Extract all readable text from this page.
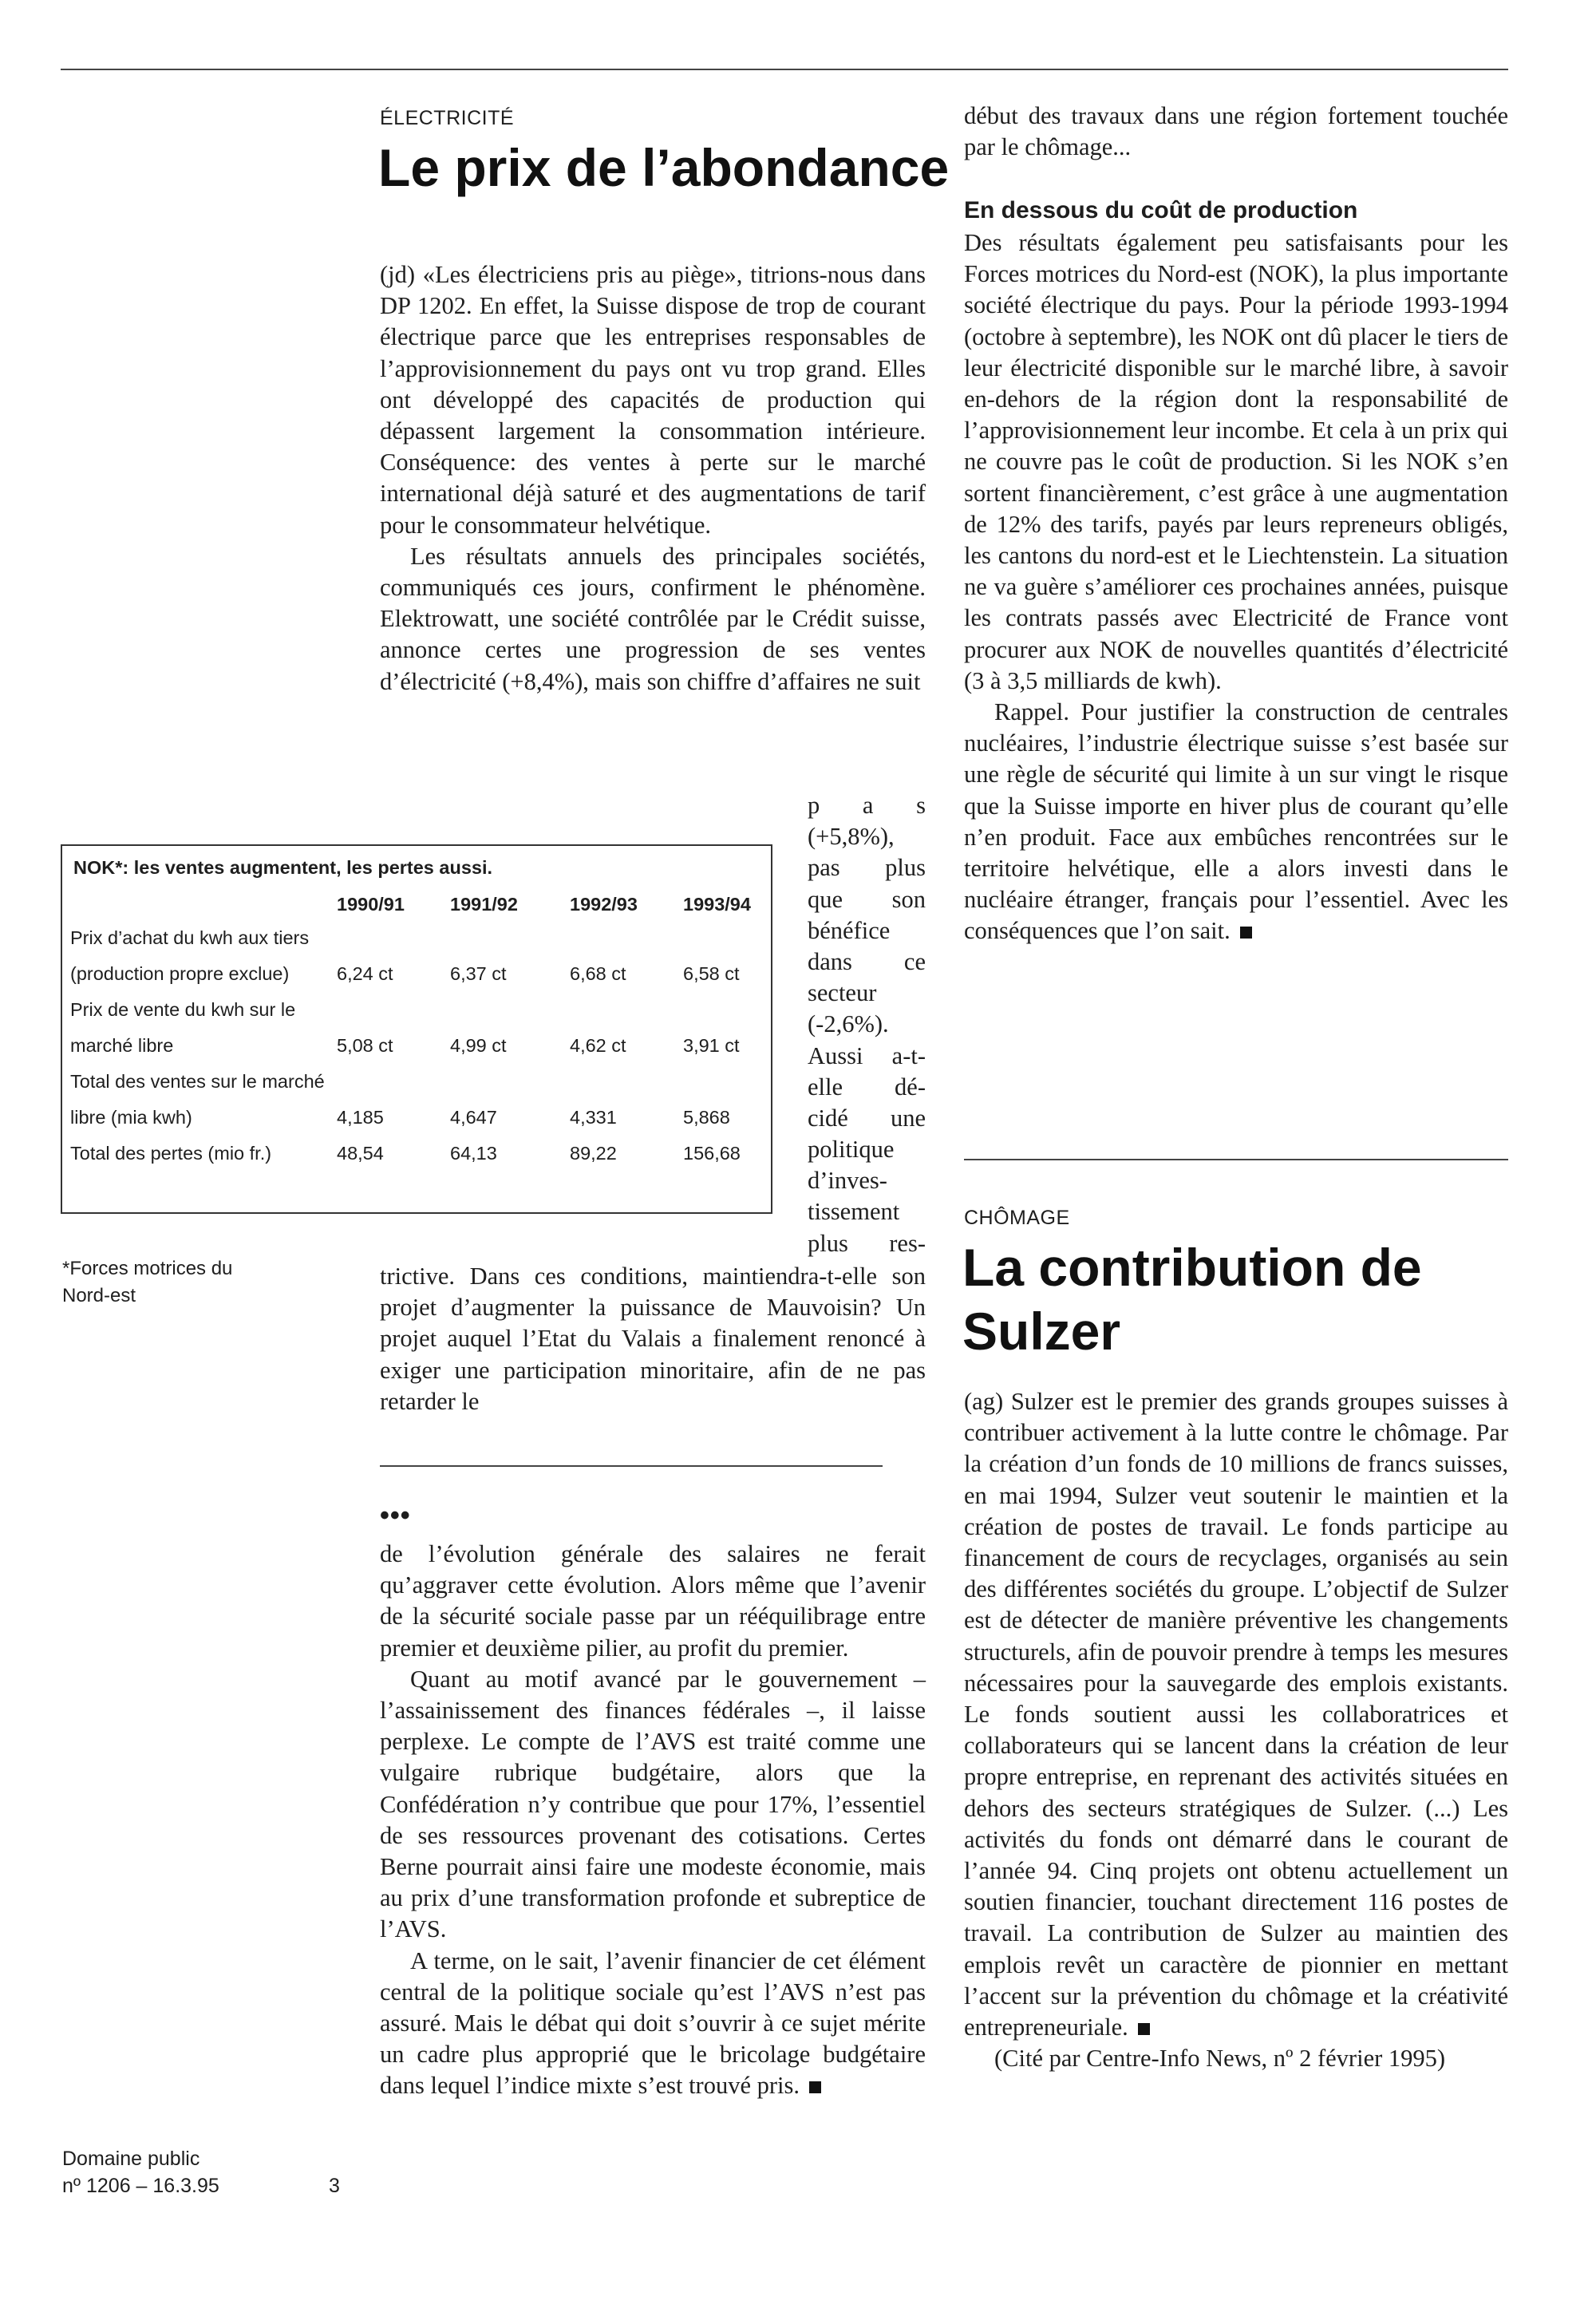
ÉLECTRICITÉ
Le prix de l’abondance

(jd) «Les électriciens pris au piège», titrions-nous dans DP 1202. En effet, la Suisse dispose de trop de courant électrique parce que les entreprises responsables de l’approvisionnement du pays ont vu trop grand. Elles ont développé des capacités de production qui dépassent largement la consommation intérieure. Conséquence: des ventes à perte sur le marché international déjà saturé et des augmentations de tarif pour le consommateur helvétique.

Les résultats annuels des principales sociétés, communiqués ces jours, confirment le phénomène. Elektrowatt, une société contrôlée par le Crédit suisse, annonce certes une progression de ses ventes d’électricité (+8,4%), mais son chiffre d’affaires ne suit

p a s
(+5,8%),
pas plus
que son
bénéfice
dans ce
secteur
(-2,6%).
Aussi a-t-
elle dé-
cidé une
politique
d’inves-
tissement
plus res-
NOK*: les ventes augmentent, les pertes aussi.
	1990/91	1991/92	1992/93	1993/94
Prix d’achat du kwh aux tiers (production propre exclue)	6,24 ct	6,37 ct	6,68 ct	6,58 ct
Prix de vente du kwh sur le marché libre	5,08 ct	4,99 ct	4,62 ct	3,91 ct
Total des ventes sur le marché libre (mia kwh)	4,185	4,647	4,331	5,868
Total des pertes (mio fr.)	48,54	64,13	89,22	156,68
*Forces motrices du Nord-est

trictive. Dans ces conditions, maintiendra-t-elle son projet d’augmenter la puissance de Mauvoisin? Un projet auquel l’Etat du Valais a finalement renoncé à exiger une participation minoritaire, afin de ne pas retarder le

•••

de l’évolution générale des salaires ne ferait qu’aggraver cette évolution. Alors même que l’avenir de la sécurité sociale passe par un rééquilibrage entre premier et deuxième pilier, au profit du premier.

Quant au motif avancé par le gouvernement – l’assainissement des finances fédérales –, il laisse perplexe. Le compte de l’AVS est traité comme une vulgaire rubrique budgétaire, alors que la Confédération n’y contribue que pour 17%, l’essentiel de ses ressources provenant des cotisations. Certes Berne pourrait ainsi faire une modeste économie, mais au prix d’une transformation profonde et subreptice de l’AVS.

A terme, on le sait, l’avenir financier de cet élément central de la politique sociale qu’est l’AVS n’est pas assuré. Mais le débat qui doit s’ouvrir à ce sujet mérite un cadre plus approprié que le bricolage budgétaire dans lequel l’indice mixte s’est trouvé pris.

début des travaux dans une région fortement touchée par le chômage...

En dessous du coût de production

Des résultats également peu satisfaisants pour les Forces motrices du Nord-est (NOK), la plus importante société électrique du pays. Pour la période 1993-1994 (octobre à septembre), les NOK ont dû placer le tiers de leur électricité disponible sur le marché libre, à savoir en-dehors de la région dont la responsabilité de l’approvisionnement leur incombe. Et cela à un prix qui ne couvre pas le coût de production. Si les NOK s’en sortent financièrement, c’est grâce à une augmentation de 12% des tarifs, payés par leurs repreneurs obligés, les cantons du nord-est et le Liechtenstein. La situation ne va guère s’améliorer ces prochaines années, puisque les contrats passés avec Electricité de France vont procurer aux NOK de nouvelles quantités d’électricité (3 à 3,5 milliards de kwh).

Rappel. Pour justifier la construction de centrales nucléaires, l’industrie électrique suisse s’est basée sur une règle de sécurité qui limite à un sur vingt le risque que la Suisse importe en hiver plus de courant qu’elle n’en produit. Face aux embûches rencontrées sur le territoire helvétique, elle a alors investi dans le nucléaire étranger, français pour l’essentiel. Avec les conséquences que l’on sait.

CHÔMAGE
La contribution de Sulzer

(ag) Sulzer est le premier des grands groupes suisses à contribuer activement à la lutte contre le chômage. Par la création d’un fonds de 10 millions de francs suisses, en mai 1994, Sulzer veut soutenir le maintien et la création de postes de travail. Le fonds participe au financement de cours de recyclages, organisés au sein des différentes sociétés du groupe. L’objectif de Sulzer est de détecter de manière préventive les changements structurels, afin de pouvoir prendre à temps les mesures nécessaires pour la sauvegarde des emplois existants. Le fonds soutient aussi les collaboratrices et collaborateurs qui se lancent dans la création de leur propre entreprise, en reprenant des activités situées en dehors des secteurs stratégiques de Sulzer. (...) Les activités du fonds ont démarré dans le courant de l’année 94. Cinq projets ont obtenu actuellement un soutien financier, touchant directement 116 postes de travail. La contribution de Sulzer au maintien des emplois revêt un caractère de pionnier en mettant l’accent sur la prévention du chômage et la créativité entrepreneuriale.

(Cité par Centre-Info News, nº 2 février 1995)

Domaine public
nº 1206 – 16.3.95	3
